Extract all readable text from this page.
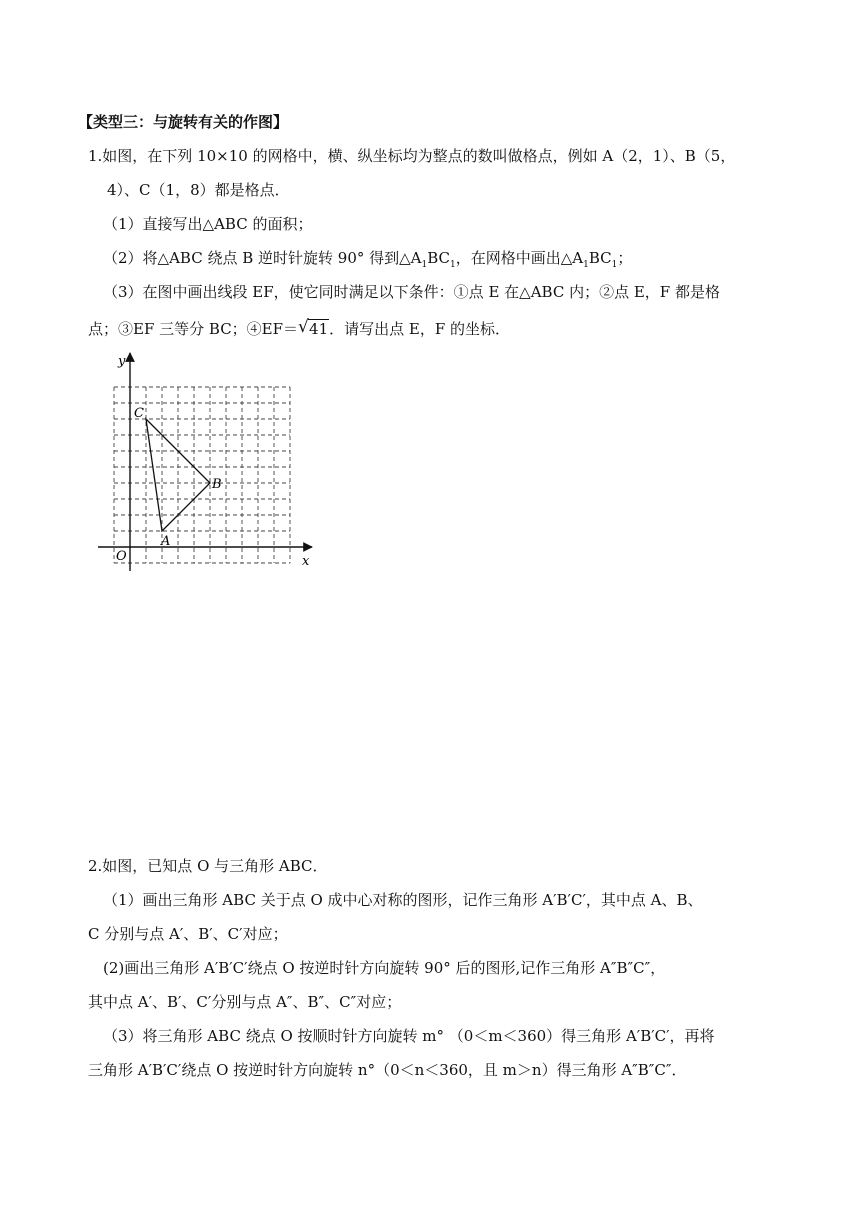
【类型三：与旋转有关的作图】
1.如图，在下列 10×10 的网格中，横、纵坐标均为整点的数叫做格点，例如 A（2，1）、B（5，
4）、C（1，8）都是格点．
（1）直接写出△ABC 的面积；
（2）将△ABC 绕点 B 逆时针旋转 90° 得到$\triangle A_1BC_1$，在网格中画出$\triangle A_1BC_1$；
（3）在图中画出线段 EF，使它同时满足以下条件：①点 E 在△ABC 内；②点 E，F 都是格
点；③EF 三等分 BC；④EF＝ √ 41．请写出点 E，F 的坐标．
x
y
O
A
B
C
2.如图，已知点 O 与三角形 ABC．
（1）画出三角形 ABC 关于点 O 成中心对称的图形，记作三角形 A′B′C′，其中点 A、B、
C 分别与点 A′、B′、C′对应；
(2)画出三角形 A′B′C′绕点 O 按逆时针方向旋转 90° 后的图形,记作三角形 A″B″C″，
其中点 A′、B′、C′分别与点 A″、B″、C″对应；
（3）将三角形 ABC 绕点 O 按顺时针方向旋转 m° （0＜m＜360）得三角形 A′B′C′，再将
三角形 A′B′C′绕点 O 按逆时针方向旋转 n°（0＜n＜360，且 m＞n）得三角形 A″B″C″．
